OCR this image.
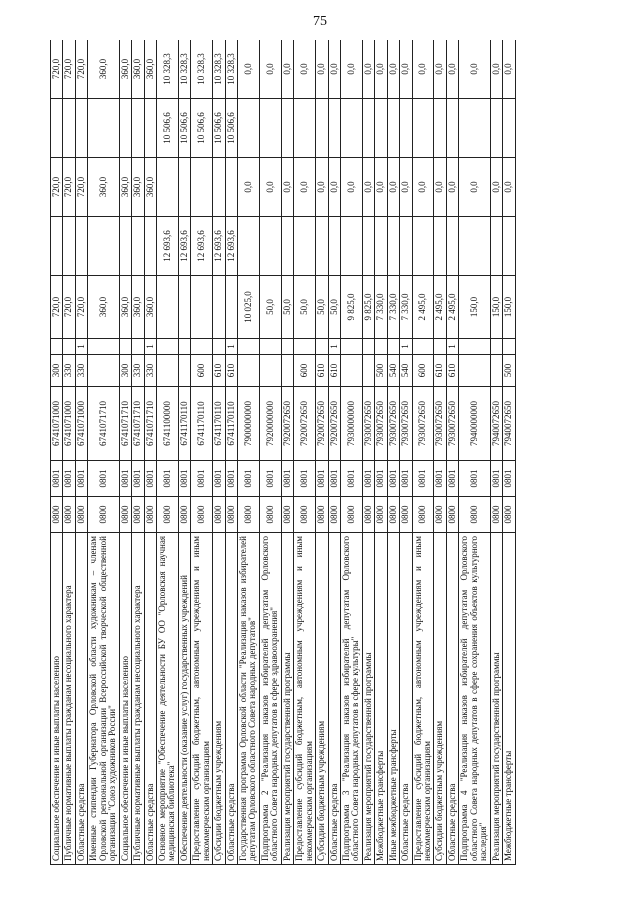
75
Социальное обеспечение и иные выплаты населению	0800	0801	6741071000	300		720,0		720,0		720,0
Публичные нормативные выплаты гражданам несоциального характера	0800	0801	6741071000	330		720,0		720,0		720,0
Областные средства	0800	0801	6741071000	330	1	720,0		720,0		720,0
Именные стипендии Губернатора Орловской области художникам – членам Орловской региональной организации Всероссийской творческой общественной организации "Союз художников России"	0800	0801	6741071710			360,0		360,0		360,0
Социальное обеспечение и иные выплаты населению	0800	0801	6741071710	300		360,0		360,0		360,0
Публичные нормативные выплаты гражданам несоциального характера	0800	0801	6741071710	330		360,0		360,0		360,0
Областные средства	0800	0801	6741071710	330	1	360,0		360,0		360,0
Основное мероприятие "Обеспечение деятельности БУ ОО "Орловская научная медицинская библиотека"	0800	0801	6741100000				12 693,6		10 506,6	10 328,3
Обеспечение деятельности (оказание услуг) государственных учреждений	0800	0801	6741170110				12 693,6		10 506,6	10 328,3
Предоставление субсидий бюджетным, автономным учреждениям и иным некоммерческим организациям	0800	0801	6741170110	600			12 693,6		10 506,6	10 328,3
Субсидии бюджетным учреждениям	0800	0801	6741170110	610			12 693,6		10 506,6	10 328,3
Областные средства	0800	0801	6741170110	610	1		12 693,6		10 506,6	10 328,3
Государственная программа Орловской области "Реализация наказов избирателей депутатам Орловского областного Совета народных депутатов"	0800	0801	7900000000			10 025,0		0,0		0,0
Подпрограмма 2 "Реализация наказов избирателей депутатам Орловского областного Совета народных депутатов в сфере здравоохранения"	0800	0801	7920000000			50,0		0,0		0,0
Реализация мероприятий государственной программы	0800	0801	7920072650			50,0		0,0		0,0
Предоставление субсидий бюджетным, автономным учреждениям и иным некоммерческим организациям	0800	0801	7920072650	600		50,0		0,0		0,0
Субсидии бюджетным учреждениям	0800	0801	7920072650	610		50,0		0,0		0,0
Областные средства	0800	0801	7920072650	610	1	50,0		0,0		0,0
Подпрограмма 3 "Реализация наказов избирателей депутатам Орловского областного Совета народных депутатов в сфере культуры"	0800	0801	7930000000			9 825,0		0,0		0,0
Реализация мероприятий государственной программы	0800	0801	7930072650			9 825,0		0,0		0,0
Межбюджетные трансферты	0800	0801	7930072650	500		7 330,0		0,0		0,0
Иные межбюджетные трансферты	0800	0801	7930072650	540		7 330,0		0,0		0,0
Областные средства	0800	0801	7930072650	540	1	7 330,0		0,0		0,0
Предоставление субсидий бюджетным, автономным учреждениям и иным некоммерческим организациям	0800	0801	7930072650	600		2 495,0		0,0		0,0
Субсидии бюджетным учреждениям	0800	0801	7930072650	610		2 495,0		0,0		0,0
Областные средства	0800	0801	7930072650	610	1	2 495,0		0,0		0,0
Подпрограмма 4 "Реализация наказов избирателей депутатам Орловского областного Совета народных депутатов в сфере сохранения объектов культурного наследия"	0800	0801	7940000000			150,0		0,0		0,0
Реализация мероприятий государственной программы	0800	0801	7940072650			150,0		0,0		0,0
Межбюджетные трансферты	0800	0801	7940072650	500		150,0		0,0		0,0
